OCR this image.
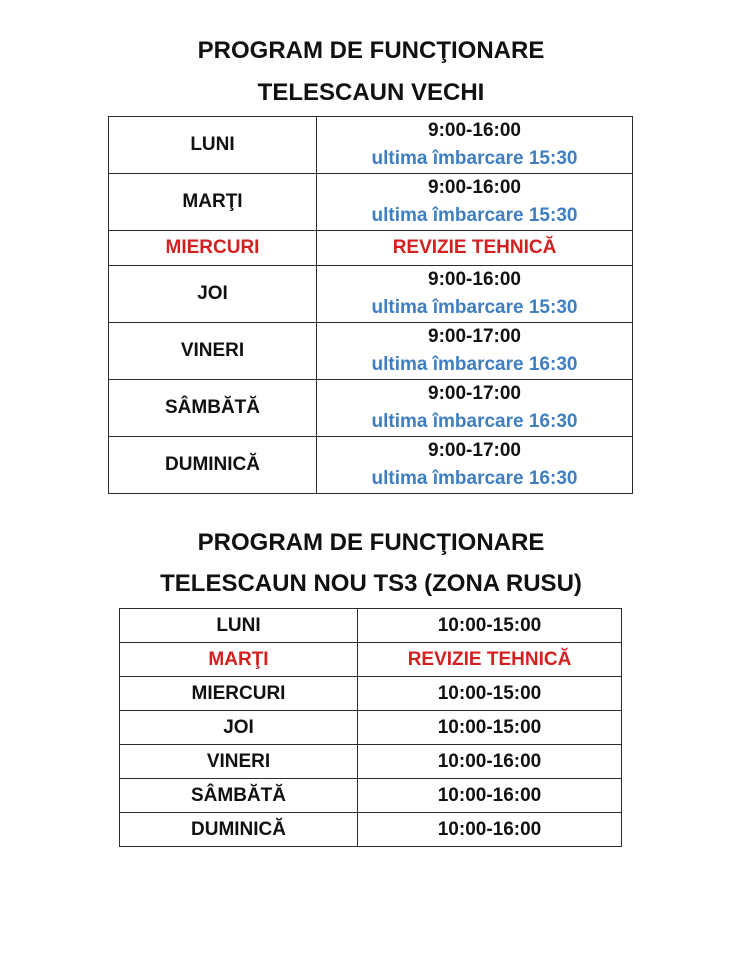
PROGRAM DE FUNCŢIONARE
TELESCAUN VECHI
LUNI	9:00-16:00
ultima îmbarcare 15:30

MARŢI	9:00-16:00
ultima îmbarcare 15:30

MIERCURI	REVIZIE TEHNICĂ
JOI	9:00-16:00
ultima îmbarcare 15:30

VINERI	9:00-17:00
ultima îmbarcare 16:30

SÂMBĂTĂ	9:00-17:00
ultima îmbarcare 16:30

DUMINICĂ	9:00-17:00
ultima îmbarcare 16:30
PROGRAM DE FUNCŢIONARE
TELESCAUN NOU TS3 (ZONA RUSU)
LUNI	10:00-15:00
MARŢI	REVIZIE TEHNICĂ
MIERCURI	10:00-15:00
JOI	10:00-15:00
VINERI	10:00-16:00
SÂMBĂTĂ	10:00-16:00
DUMINICĂ	10:00-16:00
